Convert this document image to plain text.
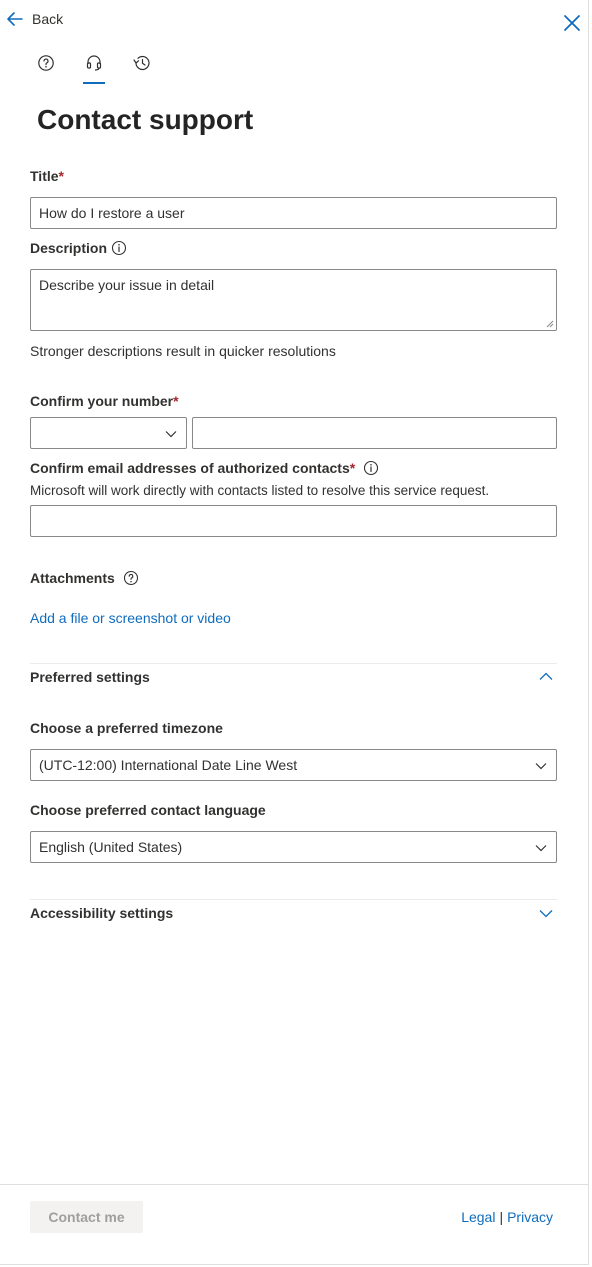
Back
Contact support
Title *
How do I restore a user
Description
Describe your issue in detail
Stronger descriptions result in quicker resolutions
Confirm your number *
Confirm email addresses of authorized contacts *
Microsoft will work directly with contacts listed to resolve this service request.
Attachments
Add a file or screenshot or video
Preferred settings
Choose a preferred timezone
(UTC-12:00) International Date Line West
Choose preferred contact language
English (United States)
Accessibility settings
Contact me	Legal | Privacy
